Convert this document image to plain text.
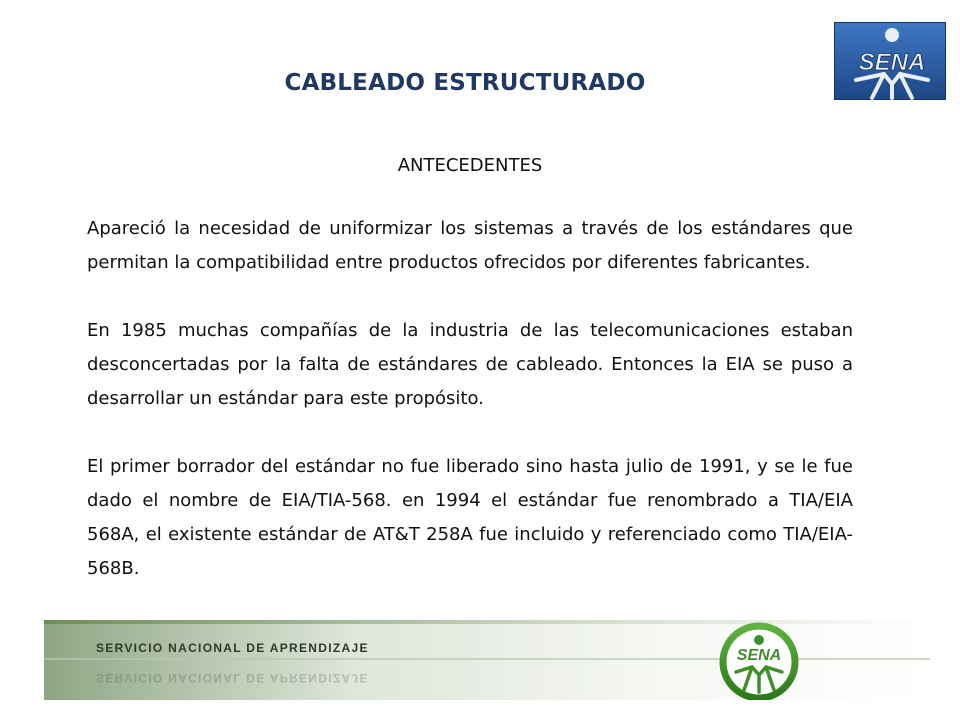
CABLEADO ESTRUCTURADO
SENA
ANTECEDENTES

Apareció la necesidad de uniformizar los sistemas a través de los estándares que permitan la compatibilidad entre productos ofrecidos por diferentes fabricantes.

En 1985 muchas compañías de la industria de las telecomunicaciones estaban desconcertadas por la falta de estándares de cableado. Entonces la EIA se puso a desarrollar un estándar para este propósito.

El primer borrador del estándar no fue liberado sino hasta julio de 1991, y se le fue dado el nombre de EIA/TIA-568. en 1994 el estándar fue renombrado a TIA/EIA 568A, el existente estándar de AT&T 258A fue incluido y referenciado como TIA/EIA-568B.

SERVICIO NACIONAL DE APRENDIZAJE
SERVICIO NACIONAL DE APRENDIZAJE
SENA
